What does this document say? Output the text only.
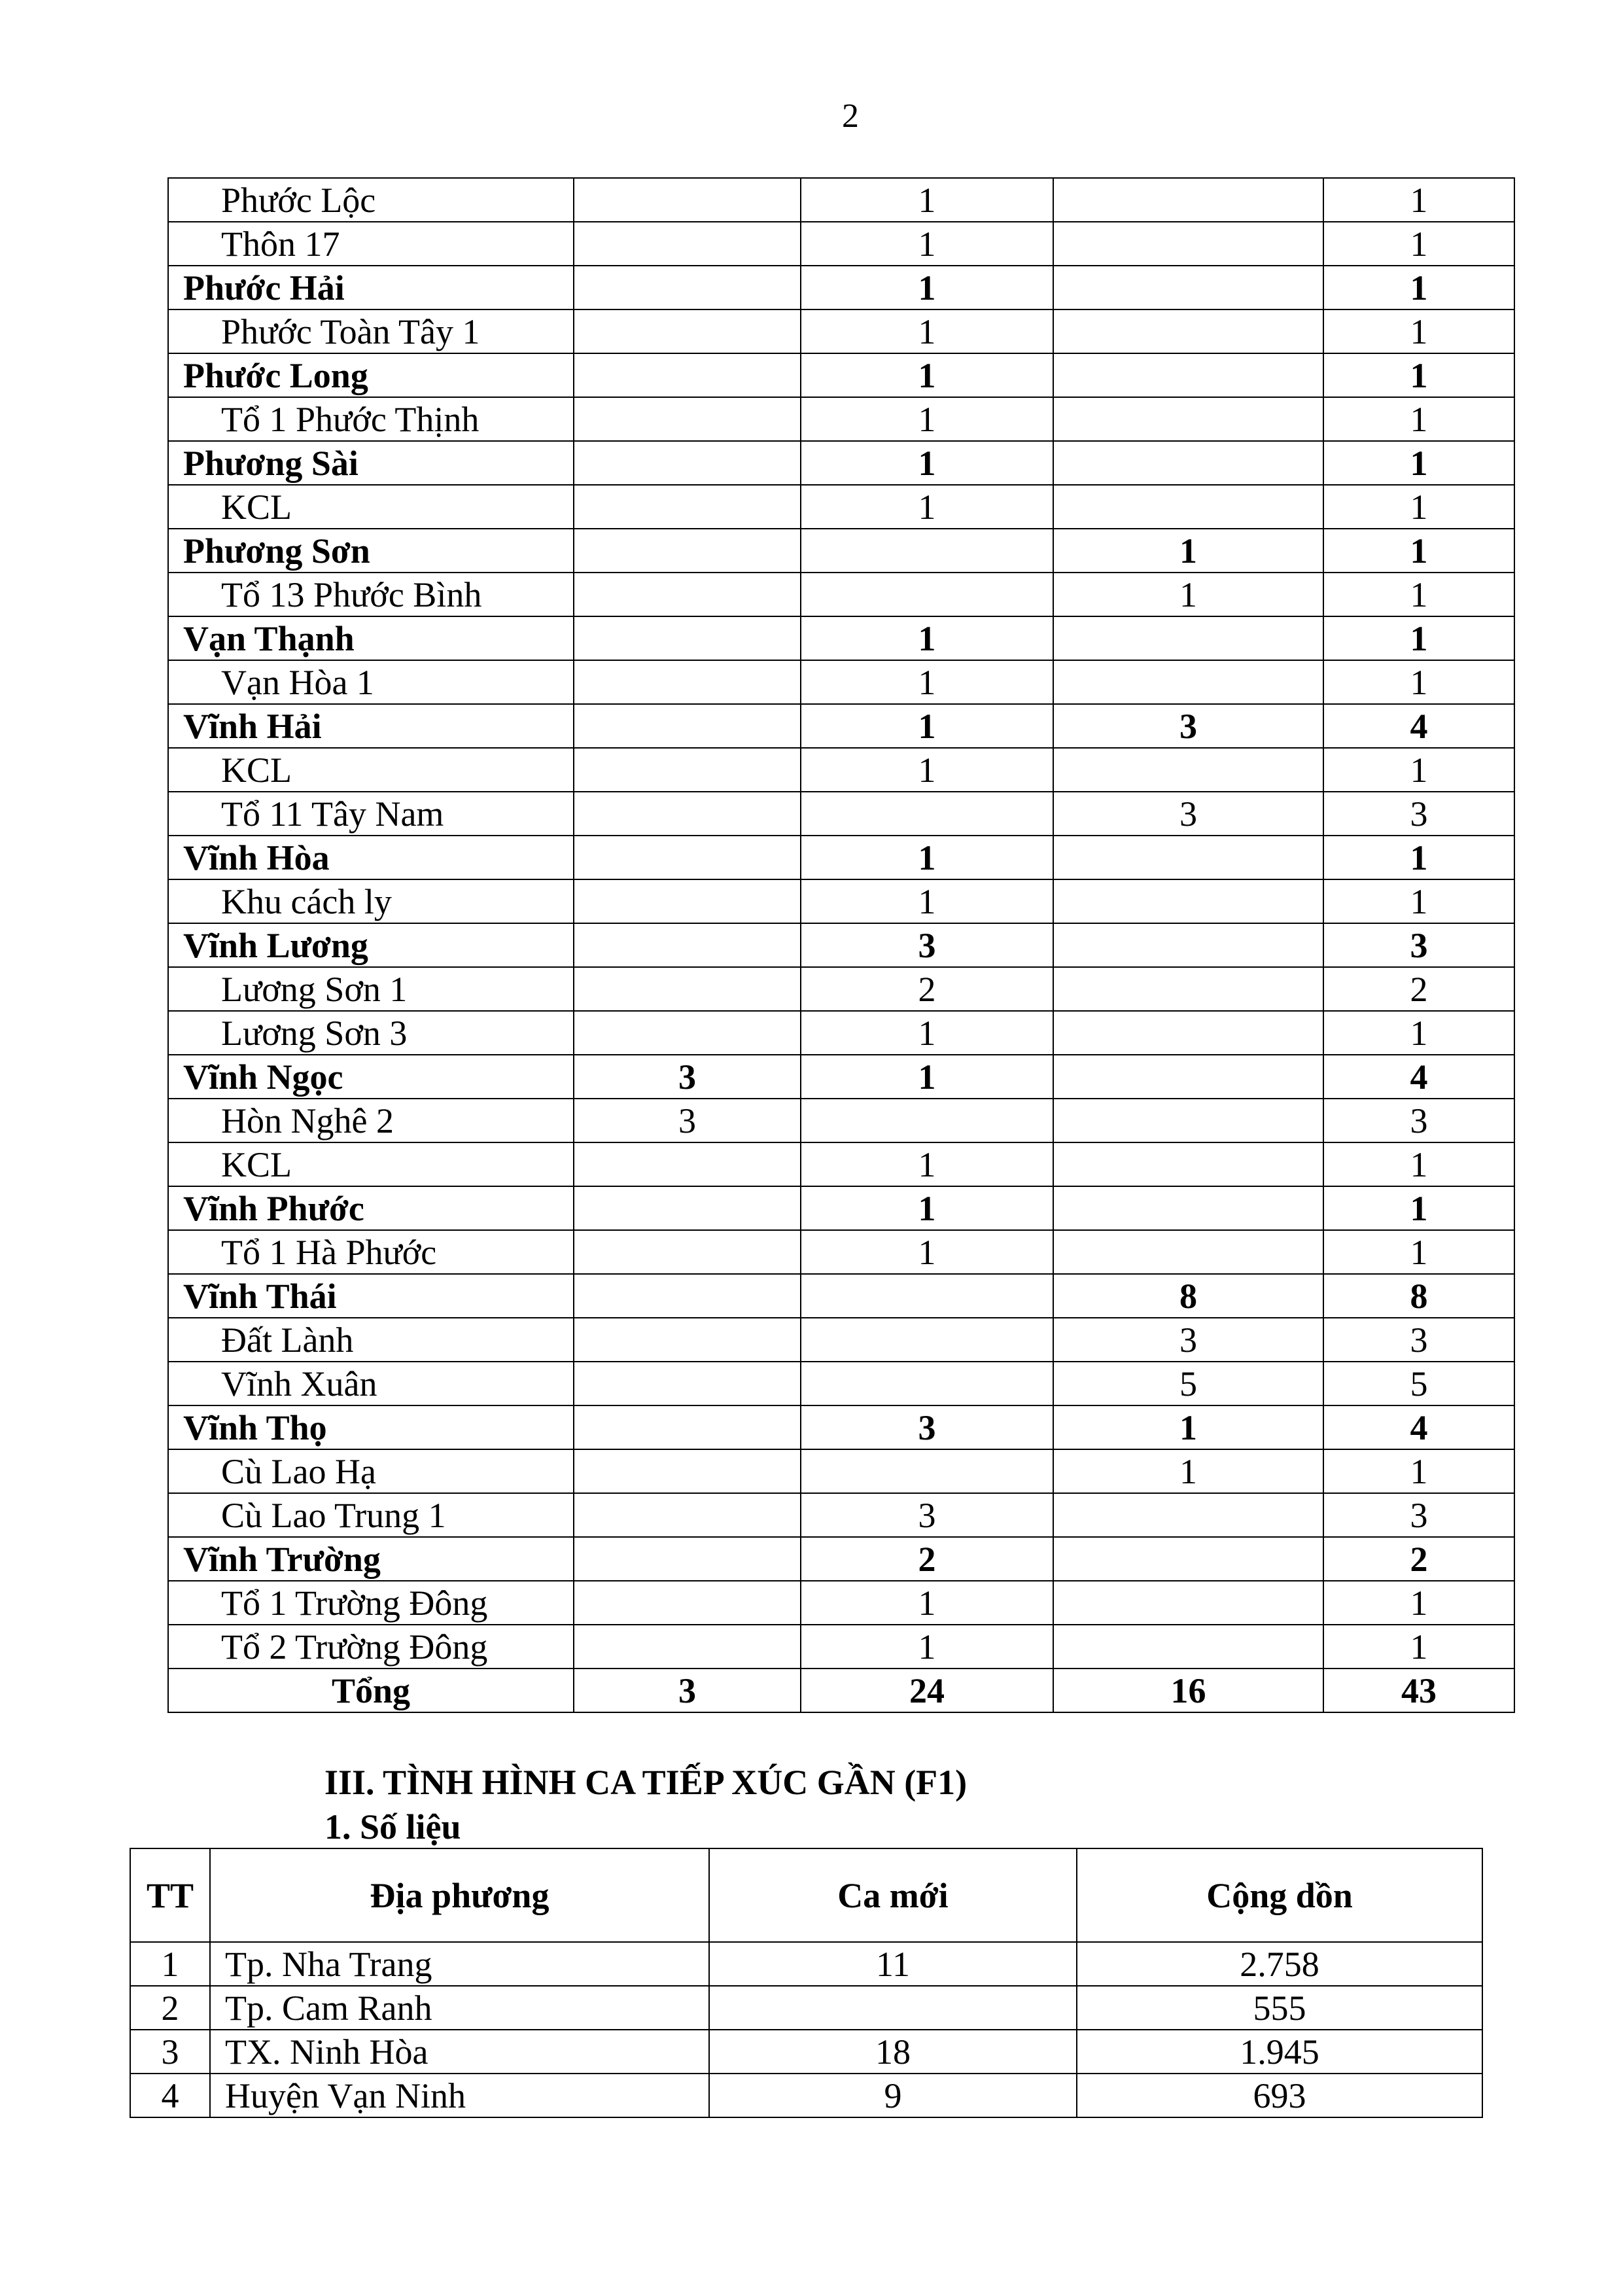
2
Phước Lộc		1		1
Thôn 17		1		1
Phước Hải		1		1
Phước Toàn Tây 1		1		1
Phước Long		1		1
Tổ 1 Phước Thịnh		1		1
Phương Sài		1		1
KCL		1		1
Phương Sơn			1	1
Tổ 13 Phước Bình			1	1
Vạn Thạnh		1		1
Vạn Hòa 1		1		1
Vĩnh Hải		1	3	4
KCL		1		1
Tổ 11 Tây Nam			3	3
Vĩnh Hòa		1		1
Khu cách ly		1		1
Vĩnh Lương		3		3
Lương Sơn 1		2		2
Lương Sơn 3		1		1
Vĩnh Ngọc	3	1		4
Hòn Nghê 2	3			3
KCL		1		1
Vĩnh Phước		1		1
Tổ 1 Hà Phước		1		1
Vĩnh Thái			8	8
Đất Lành			3	3
Vĩnh Xuân			5	5
Vĩnh Thọ		3	1	4
Cù Lao Hạ			1	1
Cù Lao Trung 1		3		3
Vĩnh Trường		2		2
Tổ 1 Trường Đông		1		1
Tổ 2 Trường Đông		1		1
Tổng	3	24	16	43
III. TÌNH HÌNH CA TIẾP XÚC GẦN (F1)
1. Số liệu
TT	Địa phương	Ca mới	Cộng dồn
1	Tp. Nha Trang	11	2.758
2	Tp. Cam Ranh		555
3	TX. Ninh Hòa	18	1.945
4	Huyện Vạn Ninh	9	693
